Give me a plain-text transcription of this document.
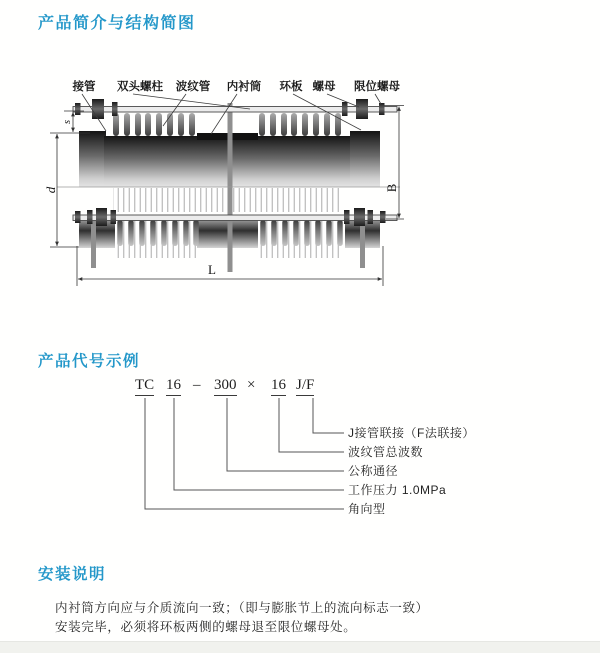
产品简介与结构简图
接管 双头螺柱 波纹管 内衬筒 环板 螺母 限位螺母
s
d	B
L
产品代号示例
TC 16 – 300 × 16 J/F
J接管联接（F法联接）
波纹管总波数
公称通径
工作压力 1.0MPa
角向型
安装说明
内衬筒方向应与介质流向一致；（即与膨胀节上的流向标志一致）
安装完毕，必须将环板两侧的螺母退至限位螺母处。
